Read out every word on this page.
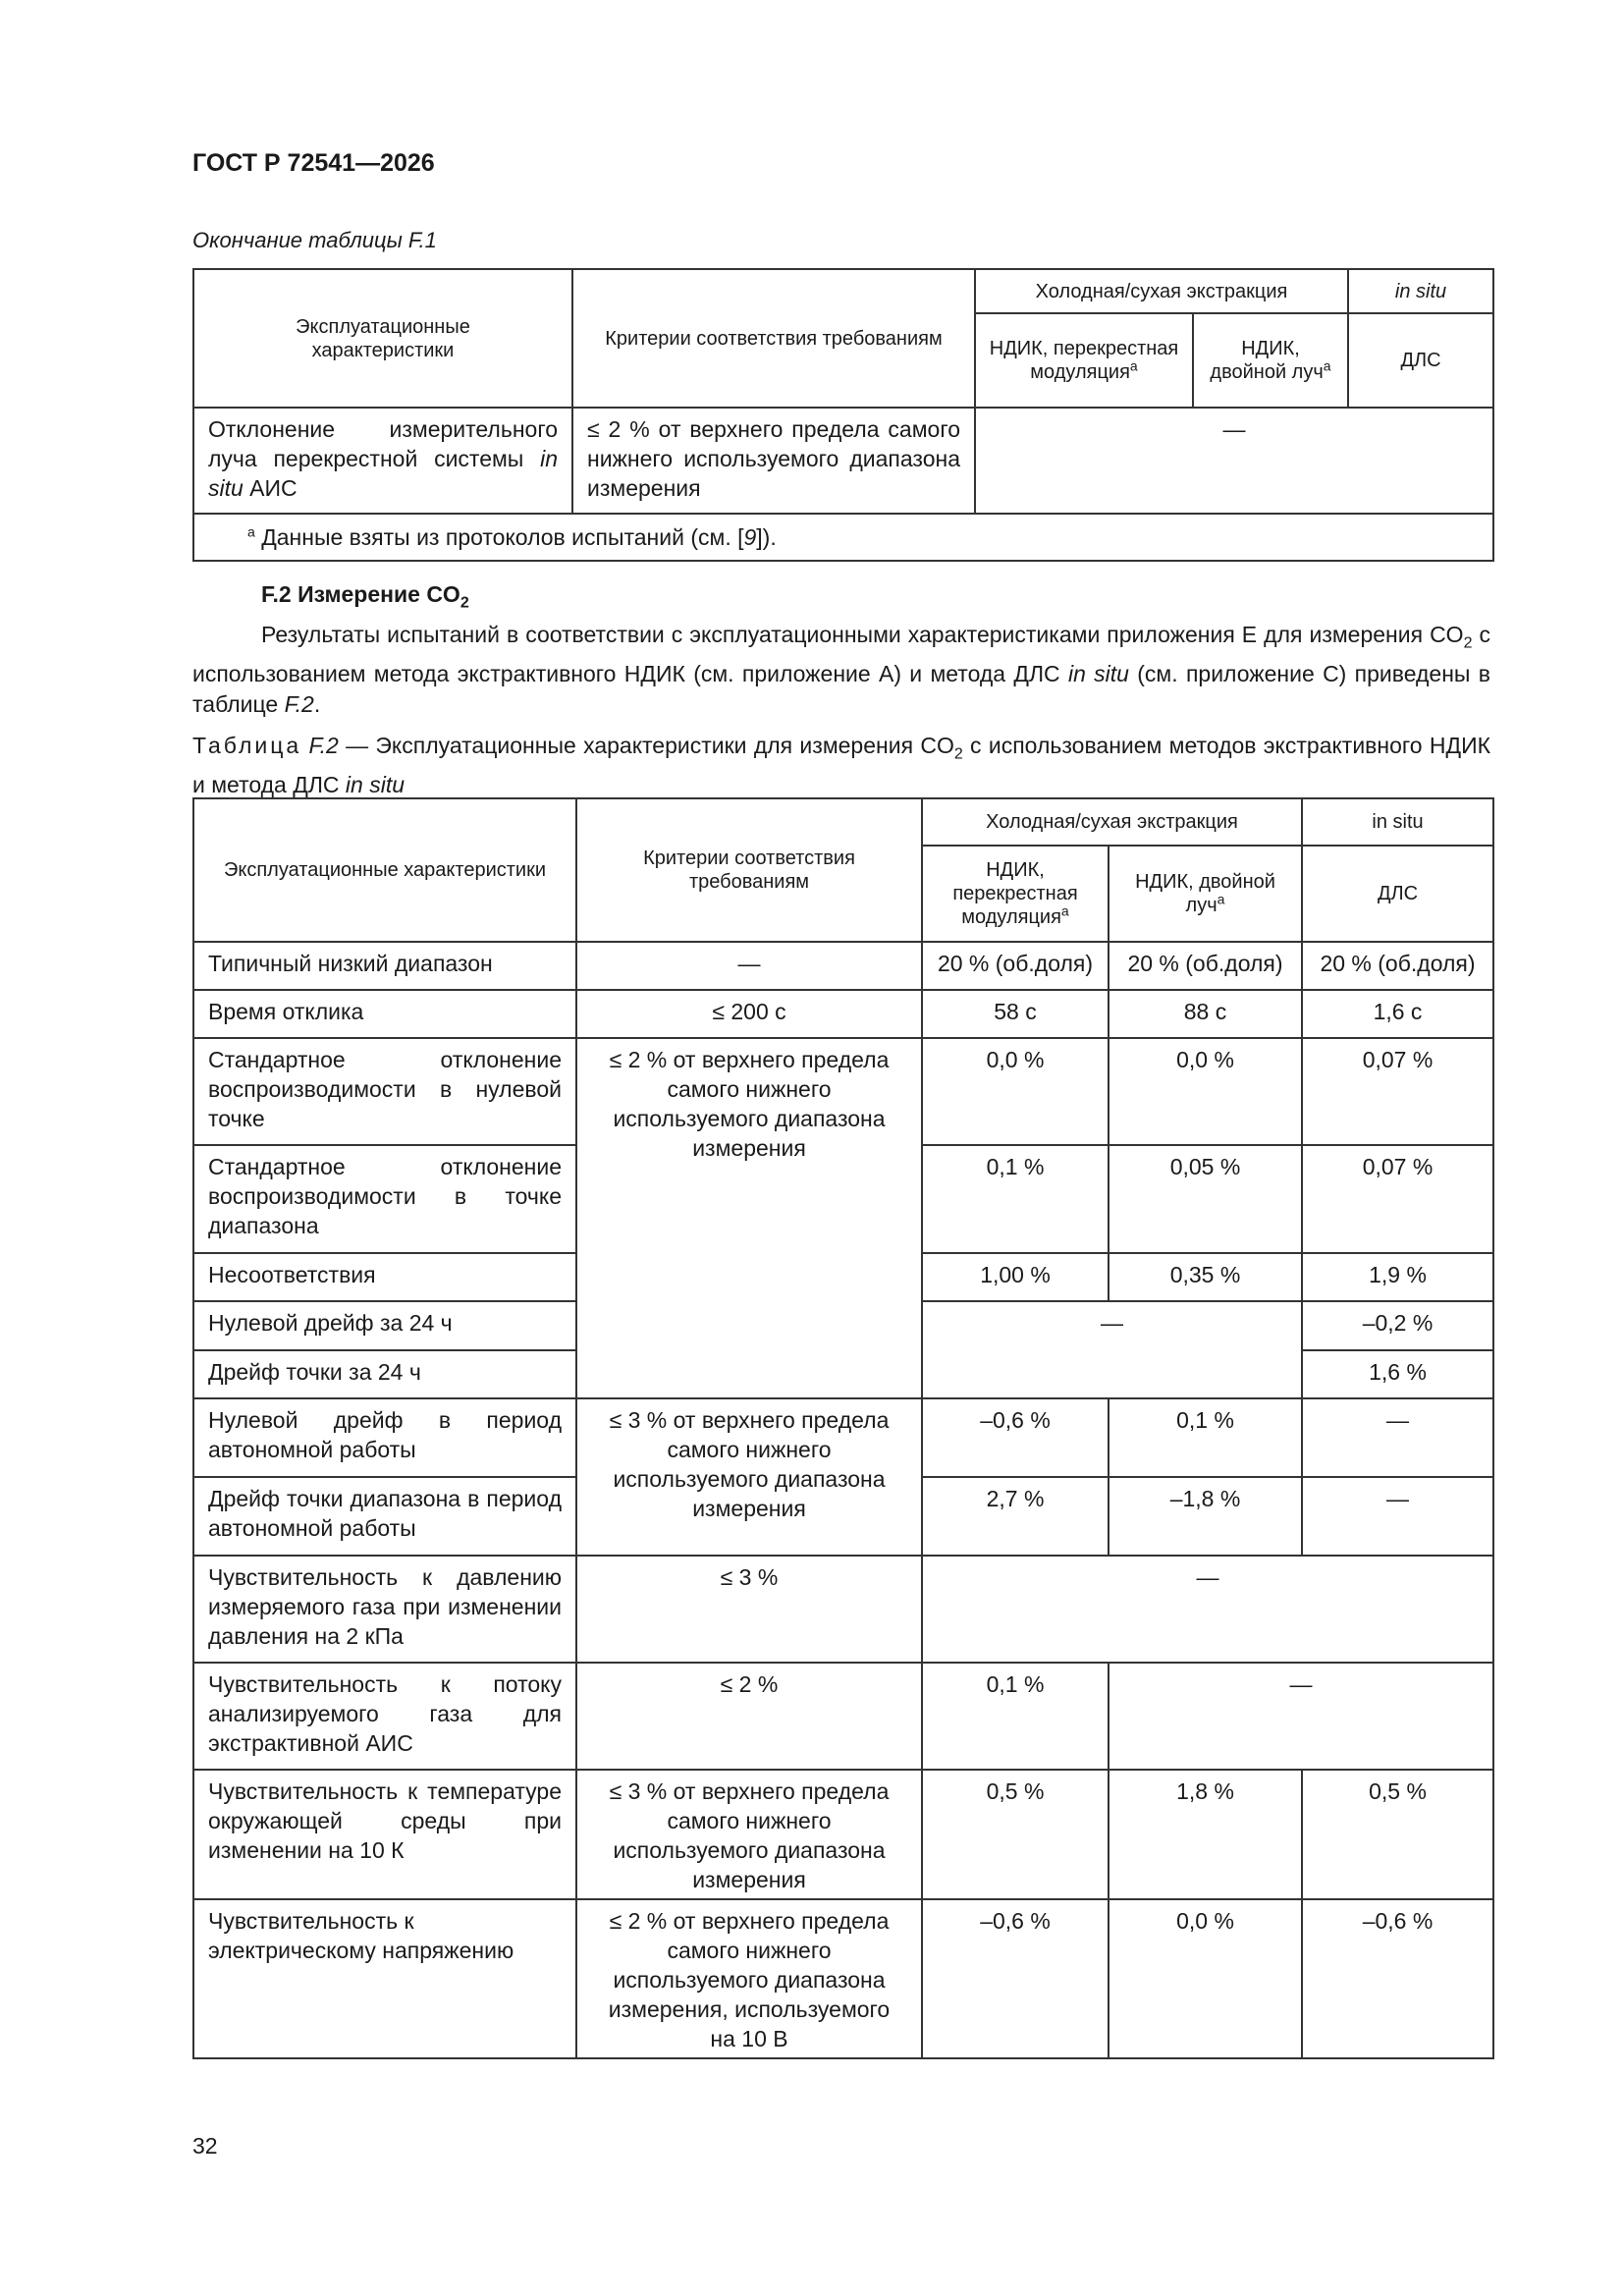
ГОСТ Р 72541—2026
Окончание таблицы F.1
Эксплуатационные характеристики	Критерии соответствия требованиям	Холодная/сухая экстракция		in situ
		НДИК, перекрестная модуляция$^a$	НДИК, двойной луч$^a$	ДЛС
Отклонение измерительного луча перекрестной системы in situ АИС	≤ 2 % от верхнего предела самого нижнего используемого диапазона измерения	—		
$^a$ Данные взяты из протоколов испытаний (см. [9]).				
F.2 Измерение $CO_2$
Результаты испытаний в соответствии с эксплуатационными характеристиками приложения Е для измерения $CO_2$ с использованием метода экстрактивного НДИК (см. приложение А) и метода ДЛС in situ (см. приложение С) приведены в таблице F.2.
Таблица F.2 — Эксплуатационные характеристики для измерения $CO_2$ с использованием методов экстрактивного НДИК и метода ДЛС in situ
Эксплуатационные характеристики	Критерии соответствия требованиям	Холодная/сухая экстракция		in situ
		НДИК, перекрестная модуляция$^a$	НДИК, двойной луч$^a$	ДЛС
Типичный низкий диапазон	—	20 % (об.доля)	20 % (об.доля)	20 % (об.доля)
Время отклика	≤ 200 с	58 с	88 с	1,6 с
Стандартное отклонение воспроизводимости в нулевой точке	≤ 2 % от верхнего предела самого нижнего используемого диапазона измерения	0,0 %	0,0 %	0,07 %
Стандартное отклонение воспроизводимости в точке диапазона		0,1 %	0,05 %	0,07 %
Несоответствия		1,00 %	0,35 %	1,9 %
Нулевой дрейф за 24 ч		—		–0,2 %
Дрейф точки за 24 ч				1,6 %
Нулевой дрейф в период автономной работы	≤ 3 % от верхнего предела самого нижнего используемого диапазона измерения	–0,6 %	0,1 %	—
Дрейф точки диапазона в период автономной работы		2,7 %	–1,8 %	—
Чувствительность к давлению измеряемого газа при изменении давления на 2 кПа	≤ 3 %	—		
Чувствительность к потоку анализируемого газа для экстрактивной АИС	≤ 2 %	0,1 %	—	
Чувствительность к температуре окружающей среды при изменении на 10 К	≤ 3 % от верхнего предела самого нижнего используемого диапазона измерения	0,5 %	1,8 %	0,5 %
Чувствительность к электрическому напряжению	≤ 2 % от верхнего предела самого нижнего используемого диапазона измерения, используемого на 10 В	–0,6 %	0,0 %	–0,6 %
32
